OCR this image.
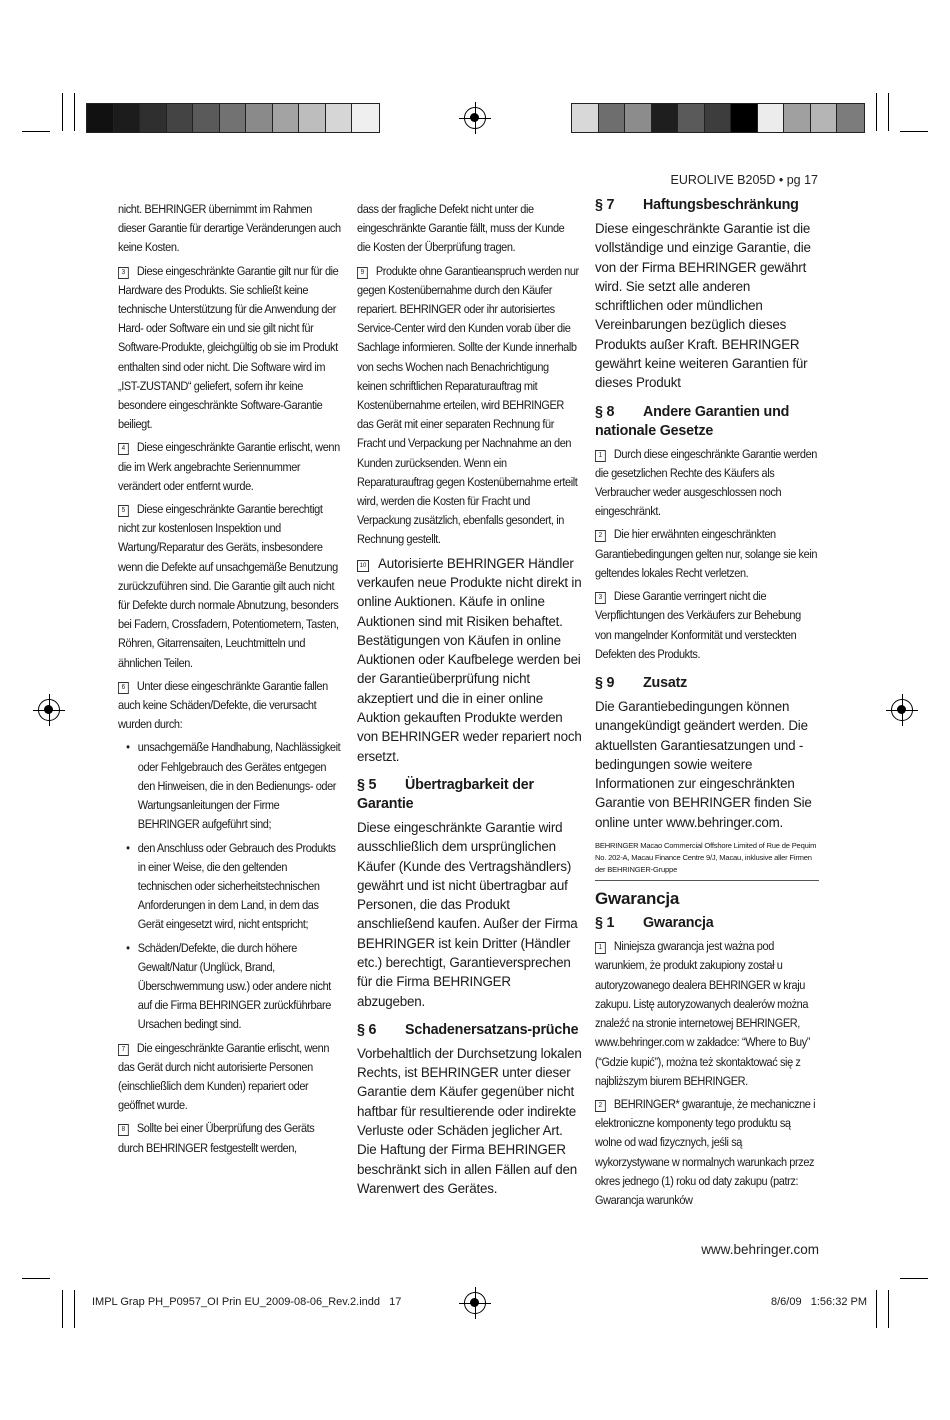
EUROLIVE B205D • pg 17

nicht. BEHRINGER übernimmt im Rahmen dieser Garantie für derartige Veränderungen auch keine Kosten.

3 Diese eingeschränkte Garantie gilt nur für die Hardware des Produkts. Sie schließt keine technische Unterstützung für die Anwendung der Hard- oder Software ein und sie gilt nicht für Software-Produkte, gleichgültig ob sie im Produkt enthalten sind oder nicht. Die Software wird im „IST-ZUSTAND“ geliefert, sofern ihr keine besondere eingeschränkte Software-Garantie beiliegt.

4 Diese eingeschränkte Garantie erlischt, wenn die im Werk angebrachte Seriennummer verändert oder entfernt wurde.

5 Diese eingeschränkte Garantie berechtigt nicht zur kostenlosen Inspektion und Wartung/Reparatur des Geräts, insbesondere wenn die Defekte auf unsachgemäße Benutzung zurückzuführen sind. Die Garantie gilt auch nicht für Defekte durch normale Abnutzung, besonders bei Fadern, Crossfadern, Potentiometern, Tasten, Röhren, Gitarrensaiten, Leuchtmitteln und ähnlichen Teilen.

6 Unter diese eingeschränkte Garantie fallen auch keine Schäden/Defekte, die verursacht wurden durch:

• unsachgemäße Handhabung, Nachlässigkeit oder Fehlgebrauch des Gerätes entgegen den Hinweisen, die in den Bedienungs- oder Wartungsanleitungen der Firme BEHRINGER aufgeführt sind;
• den Anschluss oder Gebrauch des Produkts in einer Weise, die den geltenden technischen oder sicherheitstechnischen Anforderungen in dem Land, in dem das Gerät eingesetzt wird, nicht entspricht;
• Schäden/Defekte, die durch höhere Gewalt/Natur (Unglück, Brand, Überschwemmung usw.) oder andere nicht auf die Firma BEHRINGER zurückführbare Ursachen bedingt sind.

7 Die eingeschränkte Garantie erlischt, wenn das Gerät durch nicht autorisierte Personen (einschließlich dem Kunden) repariert oder geöffnet wurde.

8 Sollte bei einer Überprüfung des Geräts durch BEHRINGER festgestellt werden,

dass der fragliche Defekt nicht unter die eingeschränkte Garantie fällt, muss der Kunde die Kosten der Überprüfung tragen.

9 Produkte ohne Garantieanspruch werden nur gegen Kostenübernahme durch den Käufer repariert. BEHRINGER oder ihr autorisiertes Service-Center wird den Kunden vorab über die Sachlage informieren. Sollte der Kunde innerhalb von sechs Wochen nach Benachrichtigung keinen schriftlichen Reparaturauftrag mit Kostenübernahme erteilen, wird BEHRINGER das Gerät mit einer separaten Rechnung für Fracht und Verpackung per Nachnahme an den Kunden zurücksenden. Wenn ein Reparaturauftrag gegen Kostenübernahme erteilt wird, werden die Kosten für Fracht und Verpackung zusätzlich, ebenfalls gesondert, in Rechnung gestellt.

10 Autorisierte BEHRINGER Händler verkaufen neue Produkte nicht direkt in online Auktionen. Käufe in online Auktionen sind mit Risiken behaftet. Bestätigungen von Käufen in online Auktionen oder Kaufbelege werden bei der Garantieüberprüfung nicht akzeptiert und die in einer online Auktion gekauften Produkte werden von BEHRINGER weder repariert noch ersetzt.

§ 5 Übertragbarkeit der Garantie

Diese eingeschränkte Garantie wird ausschließlich dem ursprünglichen Käufer (Kunde des Vertragshändlers) gewährt und ist nicht übertragbar auf Personen, die das Produkt anschließend kaufen. Außer der Firma BEHRINGER ist kein Dritter (Händler etc.) berechtigt, Garantieversprechen für die Firma BEHRINGER abzugeben.

§ 6 Schadenersatzans-prüche

Vorbehaltlich der Durchsetzung lokalen Rechts, ist BEHRINGER unter dieser Garantie dem Käufer gegenüber nicht haftbar für resultierende oder indirekte Verluste oder Schäden jeglicher Art. Die Haftung der Firma BEHRINGER beschränkt sich in allen Fällen auf den Warenwert des Gerätes.

§ 7 Haftungsbeschränkung

Diese eingeschränkte Garantie ist die vollständige und einzige Garantie, die von der Firma BEHRINGER gewährt wird. Sie setzt alle anderen schriftlichen oder mündlichen Vereinbarungen bezüglich dieses Produkts außer Kraft. BEHRINGER gewährt keine weiteren Garantien für dieses Produkt

§ 8 Andere Garantien und nationale Gesetze

1 Durch diese eingeschränkte Garantie werden die gesetzlichen Rechte des Käufers als Verbraucher weder ausgeschlossen noch eingeschränkt.

2 Die hier erwähnten eingeschränkten Garantiebedingungen gelten nur, solange sie kein geltendes lokales Recht verletzen.

3 Diese Garantie verringert nicht die Verpflichtungen des Verkäufers zur Behebung von mangelnder Konformität und versteckten Defekten des Produkts.

§ 9 Zusatz

Die Garantiebedingungen können unangekündigt geändert werden. Die aktuellsten Garantiesatzungen und -bedingungen sowie weitere Informationen zur eingeschränkten Garantie von BEHRINGER finden Sie online unter www.behringer.com.

BEHRINGER Macao Commercial Offshore Limited of Rue de Pequim No. 202-A, Macau Finance Centre 9/J, Macau, inklusive aller Firmen der BEHRINGER-Gruppe
Gwarancja
§ 1 Gwarancja

1 Niniejsza gwarancja jest ważna pod warunkiem, że produkt zakupiony został u autoryzowanego dealera BEHRINGER w kraju zakupu. Listę autoryzowanych dealerów można znaleźć na stronie internetowej BEHRINGER, www.behringer.com w zakładce: “Where to Buy” (“Gdzie kupić”), można też skontaktować się z najbliższym biurem BEHRINGER.

2 BEHRINGER* gwarantuje, że mechaniczne i elektroniczne komponenty tego produktu są wolne od wad fizycznych, jeśli są wykorzystywane w normalnych warunkach przez okres jednego (1) roku od daty zakupu (patrz: Gwarancja warunków

www.behringer.com
IMPL Grap PH_P0957_OI Prin EU_2009-08-06_Rev.2.indd   17	8/6/09   1:56:32 PM
